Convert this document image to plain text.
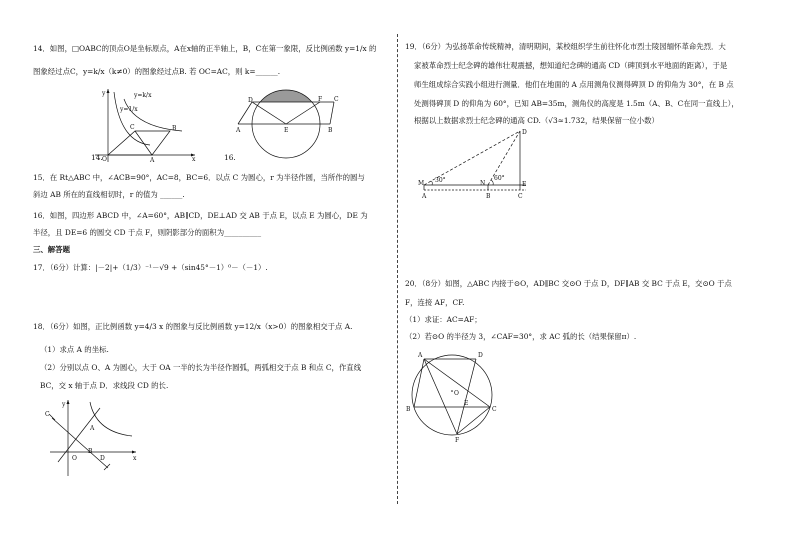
14．如图，□OABC的顶点O是坐标原点，A在x轴的正半轴上，B，C在第一象限，反比例函数 y=1/x 的
图象经过点C，y=k/x（k≠0）的图象经过点B. 若 OC=AC，则 k=______.
y
x
O	A
B
C
y=1/x
y=k/x
14.
D	F C
A	E	B
16.
15．在 Rt△ABC 中，∠ACB=90°，AC=8，BC=6．以点 C 为圆心，r 为半径作圆，当所作的圆与
斜边 AB 所在的直线相切时，r 的值为 ______.
16．如图，四边形 ABCD 中，∠A=60°，AB∥CD，DE⊥AD 交 AB 于点 E，以点 E 为圆心，DE 为
半径，且 DE=6 的圆交 CD 于点 F，则阴影部分的面积为__________
三、解答题
17．（6分）计算：|－2|+（1/3）⁻¹－√9 +（sin45°－1）⁰－（－1）.
18．（6分）如图，正比例函数 y=4/3 x 的图象与反比例函数 y=12/x（x>0）的图象相交于点 A.
（1）求点 A 的坐标.
（2）分别以点 O、A 为圆心，大于 OA 一半的长为半径作圆弧，两弧相交于点 B 和点 C，作直线
BC，交 x 轴于点 D．求线段 CD 的长.
y
x
O
A
B
C
D
19．（6分）为弘扬革命传统精神，清明期间，某校组织学生前往怀化市烈士陵园缅怀革命先烈．大
家被革命烈士纪念碑的雄伟壮观震撼，想知道纪念碑的通高 CD（碑顶到水平地面的距离），于是
师生组成综合实践小组进行测量．他们在地面的 A 点用测角仪测得碑顶 D 的仰角为 30°，在 B 点
处测得碑顶 D 的仰角为 60°，已知 AB=35m，测角仪的高度是 1.5m（A、B、C在同一直线上），
根据以上数据求烈士纪念碑的通高 CD.（√3≈1.732，结果保留一位小数）
D
M	N	E
A	B	C
30°	60°
20．（8分）如图，△ABC 内接于⊙O，AD∥BC 交⊙O 于点 D，DF∥AB 交 BC 于点 E，交⊙O 于点
F，连接 AF，CF.
（1）求证：AC=AF；
（2）若⊙O 的半径为 3，∠CAF=30°，求 AC 弧的长（结果保留π）.
A	D
O
B	C
E
F
